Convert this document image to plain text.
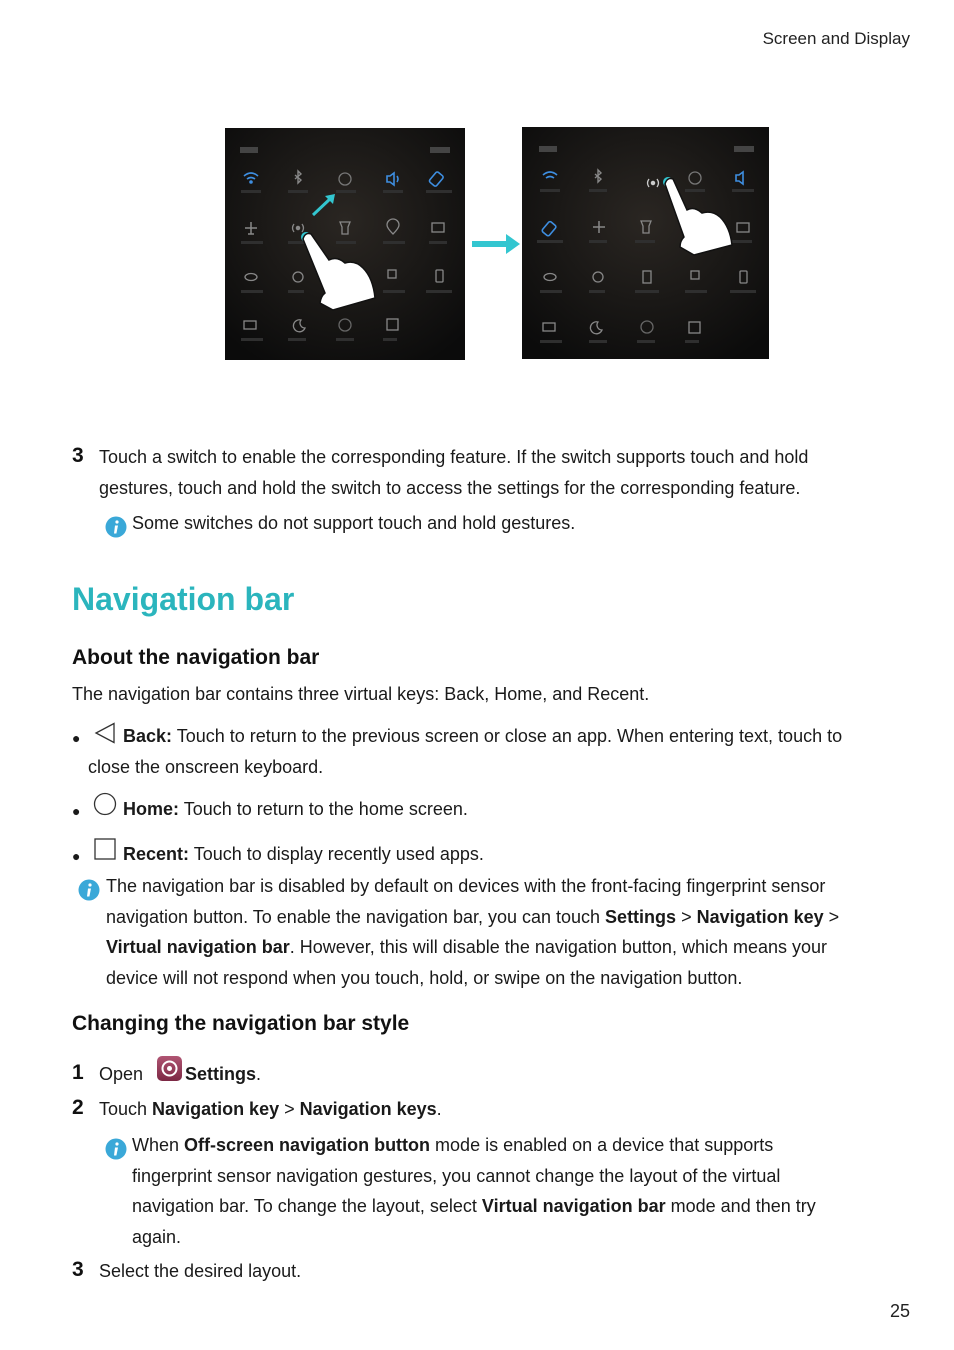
Screen and Display
3 Touch a switch to enable the corresponding feature. If the switch supports touch and hold
gestures, touch and hold the switch to access the settings for the corresponding feature.
Some switches do not support touch and hold gestures.
Navigation bar
About the navigation bar
The navigation bar contains three virtual keys: Back, Home, and Recent.
● Back: Touch to return to the previous screen or close an app. When entering text, touch to
close the onscreen keyboard.
● Home: Touch to return to the home screen.
● Recent: Touch to display recently used apps.
The navigation bar is disabled by default on devices with the front-facing fingerprint sensor
navigation button. To enable the navigation bar, you can touch Settings > Navigation key >
Virtual navigation bar. However, this will disable the navigation button, which means your
device will not respond when you touch, hold, or swipe on the navigation button.
Changing the navigation bar style
1 Open Settings.
2 Touch Navigation key > Navigation keys.
When Off-screen navigation button mode is enabled on a device that supports
fingerprint sensor navigation gestures, you cannot change the layout of the virtual
navigation bar. To change the layout, select Virtual navigation bar mode and then try
again.
3 Select the desired layout.
25
